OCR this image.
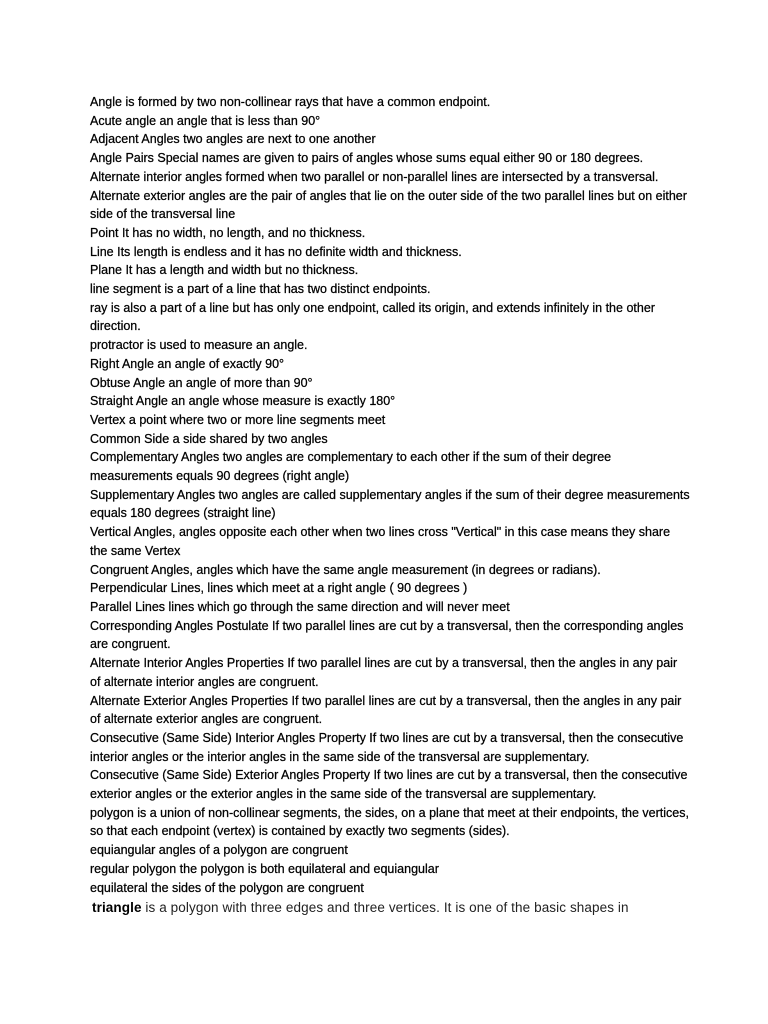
Angle is formed by two non-collinear rays that have a common endpoint.

Acute angle an angle that is less than 90°

Adjacent Angles two angles are next to one another

Angle Pairs Special names are given to pairs of angles whose sums equal either 90 or 180 degrees.

Alternate interior angles formed when two parallel or non-parallel lines are intersected by a transversal.

Alternate exterior angles are the pair of angles that lie on the outer side of the two parallel lines but on either side of the transversal line

Point It has no width, no length, and no thickness.

Line Its length is endless and it has no definite width and thickness.

Plane It has a length and width but no thickness.

line segment is a part of a line that has two distinct endpoints.

ray is also a part of a line but has only one endpoint, called its origin, and extends infinitely in the other direction.

protractor is used to measure an angle.

Right Angle an angle of exactly 90°

Obtuse Angle an angle of more than 90°

Straight Angle an angle whose measure is exactly 180°

Vertex a point where two or more line segments meet

Common Side a side shared by two angles

Complementary Angles two angles are complementary to each other if the sum of their degree measurements equals 90 degrees (right angle)

Supplementary Angles two angles are called supplementary angles if the sum of their degree measurements equals 180 degrees (straight line)

Vertical Angles, angles opposite each other when two lines cross "Vertical" in this case means they share the same Vertex

Congruent Angles, angles which have the same angle measurement (in degrees or radians).

Perpendicular Lines, lines which meet at a right angle ( 90 degrees )

Parallel Lines lines which go through the same direction and will never meet

Corresponding Angles Postulate If two parallel lines are cut by a transversal, then the corresponding angles are congruent.

Alternate Interior Angles Properties If two parallel lines are cut by a transversal, then the angles in any pair of alternate interior angles are congruent.

Alternate Exterior Angles Properties If two parallel lines are cut by a transversal, then the angles in any pair of alternate exterior angles are congruent.

Consecutive (Same Side) Interior Angles Property If two lines are cut by a transversal, then the consecutive interior angles or the interior angles in the same side of the transversal are supplementary.

Consecutive (Same Side) Exterior Angles Property If two lines are cut by a transversal, then the consecutive exterior angles or the exterior angles in the same side of the transversal are supplementary.

polygon is a union of non-collinear segments, the sides, on a plane that meet at their endpoints, the vertices, so that each endpoint (vertex) is contained by exactly two segments (sides).

equiangular angles of a polygon are congruent

regular polygon the polygon is both equilateral and equiangular

equilateral the sides of the polygon are congruent

triangle is a polygon with three edges and three vertices. It is one of the basic shapes in
